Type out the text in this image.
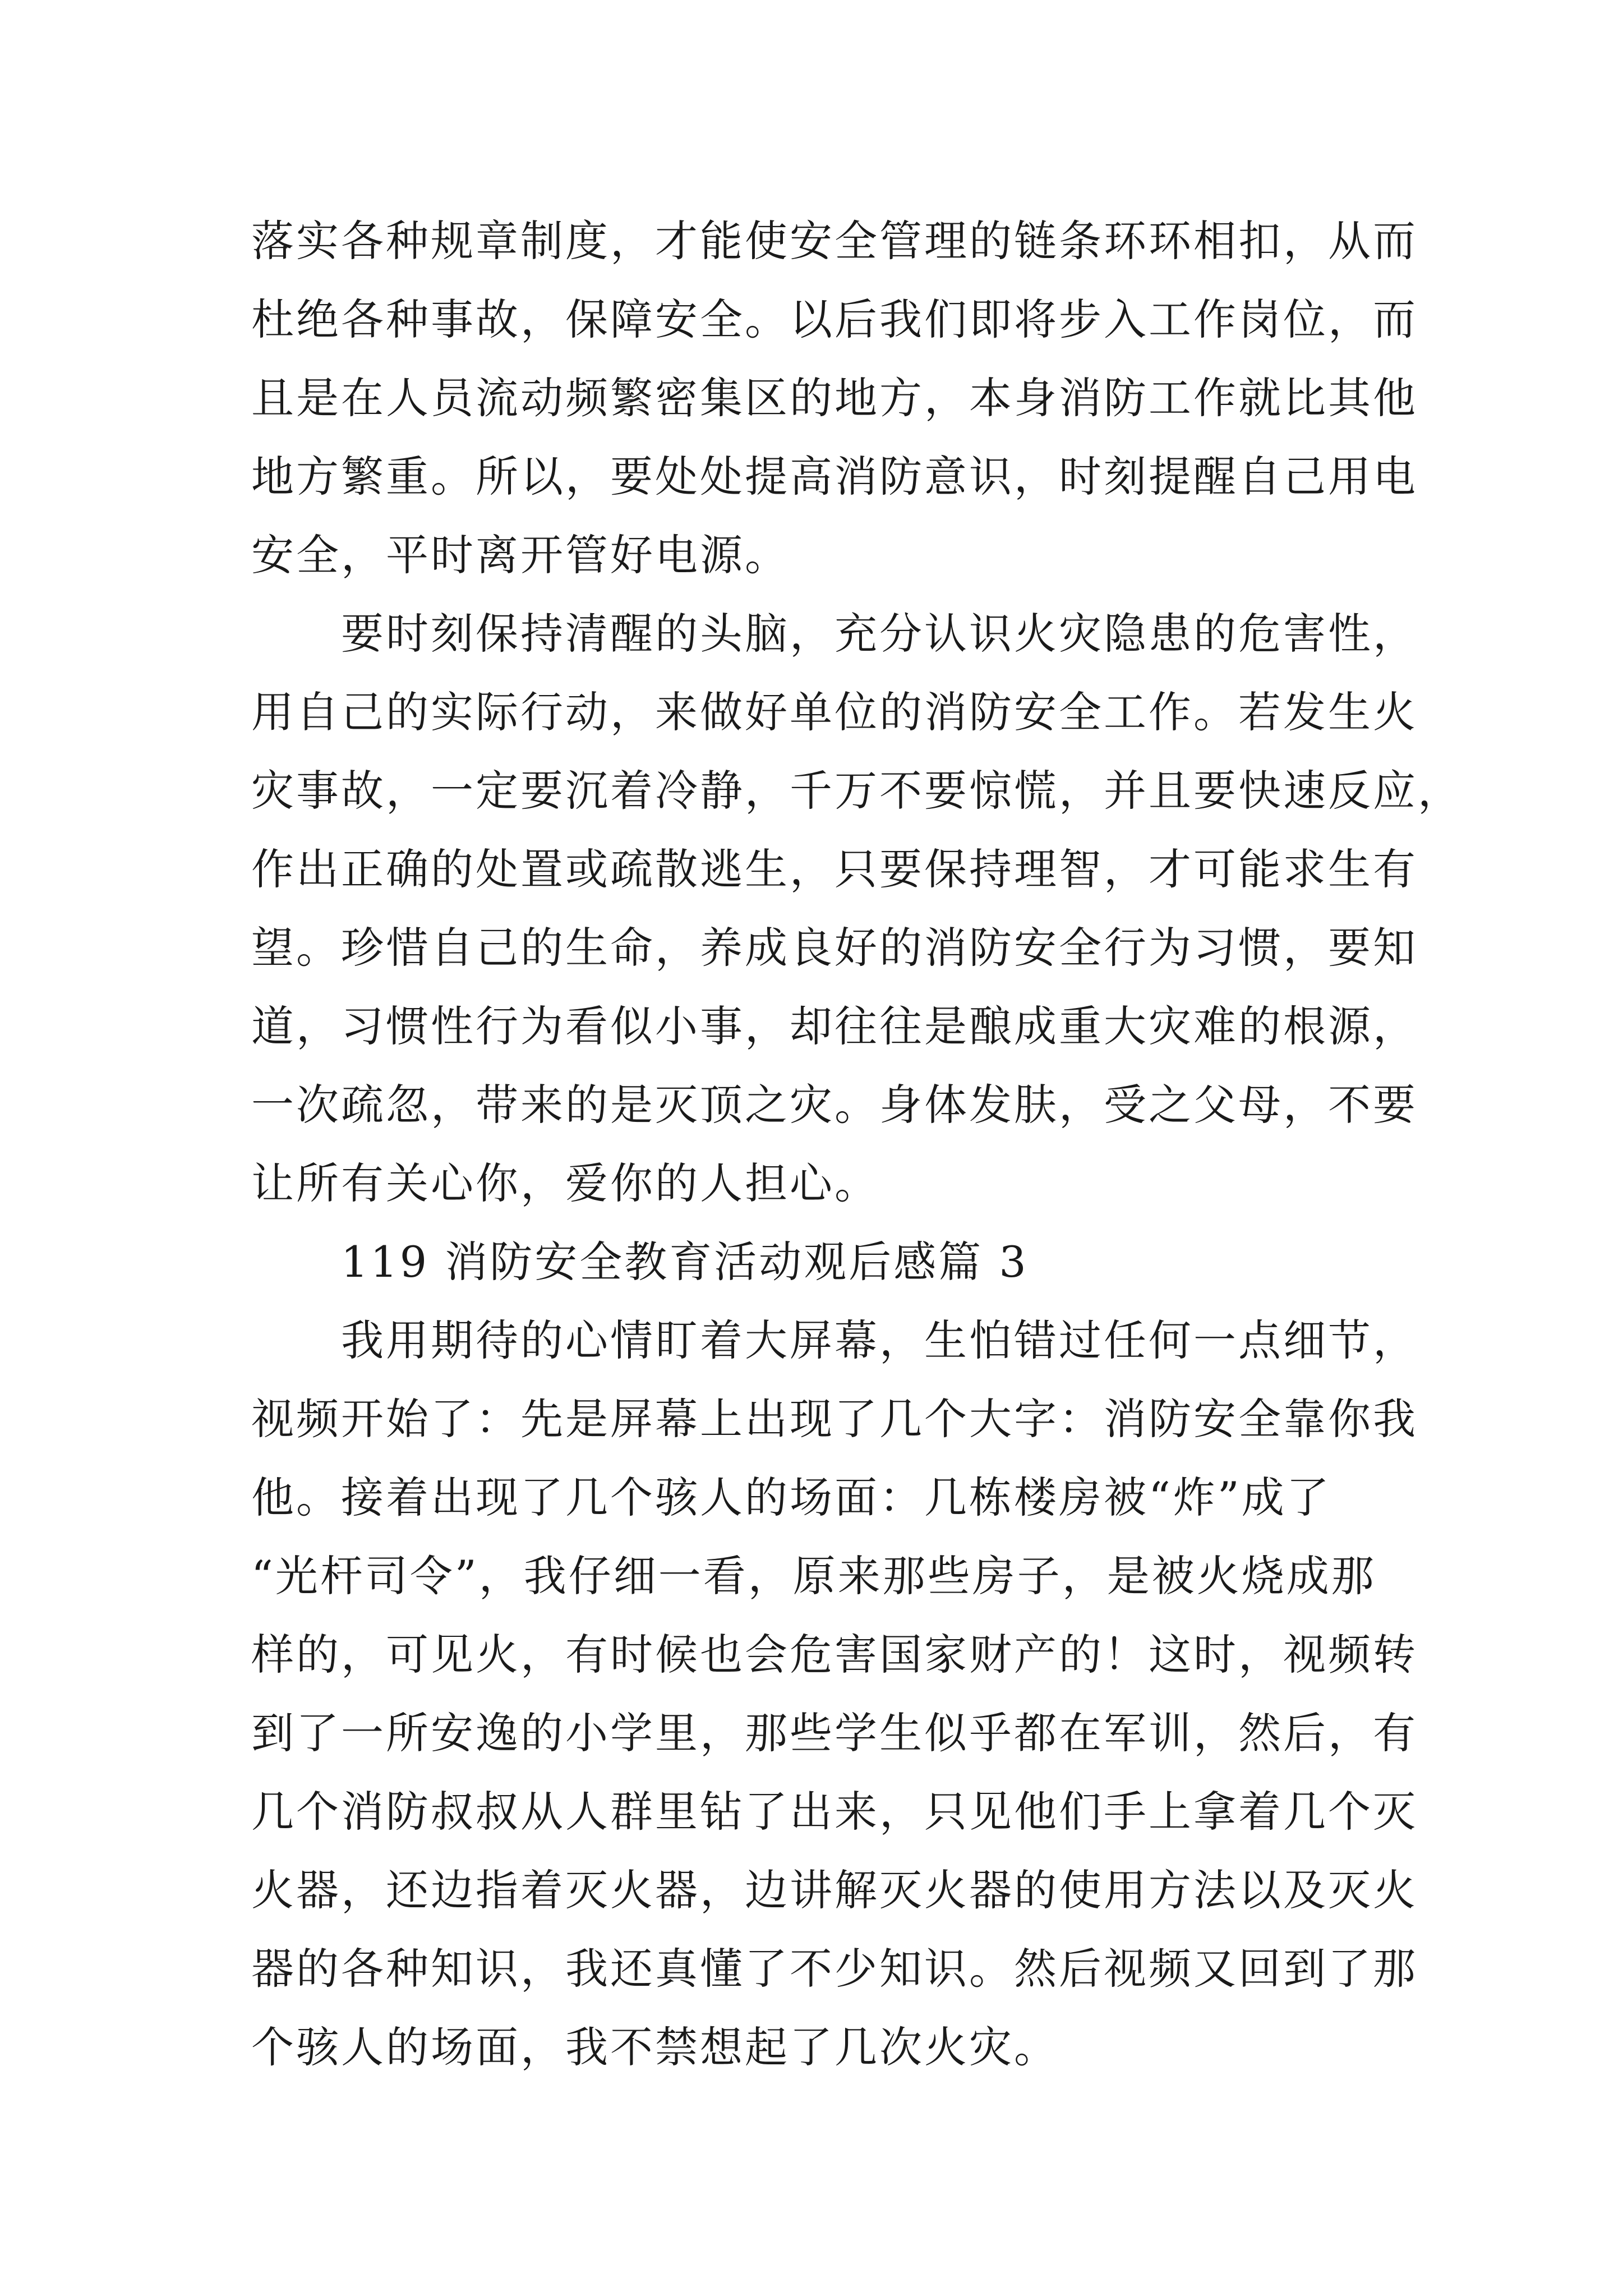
落实各种规章制度，才能使安全管理的链条环环相扣，从而
杜绝各种事故，保障安全。以后我们即将步入工作岗位，而
且是在人员流动频繁密集区的地方，本身消防工作就比其他
地方繁重。所以，要处处提高消防意识，时刻提醒自己用电
安全，平时离开管好电源。
要时刻保持清醒的头脑，充分认识火灾隐患的危害性，
用自己的实际行动，来做好单位的消防安全工作。若发生火
灾事故，一定要沉着冷静，千万不要惊慌，并且要快速反应，
作出正确的处置或疏散逃生，只要保持理智，才可能求生有
望。珍惜自己的生命，养成良好的消防安全行为习惯，要知
道，习惯性行为看似小事，却往往是酿成重大灾难的根源，
一次疏忽，带来的是灭顶之灾。身体发肤，受之父母，不要
让所有关心你，爱你的人担心。
119 消防安全教育活动观后感篇 3
我用期待的心情盯着大屏幕，生怕错过任何一点细节，
视频开始了：先是屏幕上出现了几个大字：消防安全靠你我
他。接着出现了几个骇人的场面：几栋楼房被“炸”成了
“光杆司令”，我仔细一看，原来那些房子，是被火烧成那
样的，可见火，有时候也会危害国家财产的！这时，视频转
到了一所安逸的小学里，那些学生似乎都在军训，然后，有
几个消防叔叔从人群里钻了出来，只见他们手上拿着几个灭
火器，还边指着灭火器，边讲解灭火器的使用方法以及灭火
器的各种知识，我还真懂了不少知识。然后视频又回到了那
个骇人的场面，我不禁想起了几次火灾。
